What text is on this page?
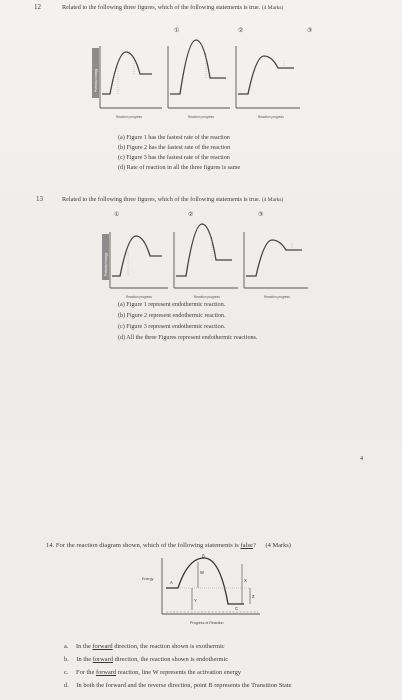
12	Related to the following three figures, which of the following statements is true. (4 Marks)
①	②	③
Potential energy
Reaction progress	Reaction progress	Reaction progress
(a) Figure 1 has the fastest rate of the reaction
(b) Figure 2 has the fastest rate of the reaction
(c) Figure 3 has the fastest rate of the reaction
(d) Rate of reaction in all the three figures is same
13	Related to the following three figures, which of the following statements is true. (4 Marks)
①	②	③
Potential energy
Reaction progress	Reaction progress	Reaction progress
(a) Figure 1 represent endothermic reaction.
(b) Figure 2 represent endothermic reaction.
(c) Figure 3 represent endothermic reaction.
(d) All the three Figures represent endothermic reactions.
4
14. For the reaction diagram shown, which of the following statements is false? (4 Marks)
Energy
A
B
C
W
X
Y
Z
Progress of Reaction
a. In the forward direction, the reaction shown is exothermic
b. In the forward direction, the reaction shown is endothermic
c. For the forward reaction, line W represents the activation energy
d. In both the forward and the reverse direction, point B represents the Transition State
